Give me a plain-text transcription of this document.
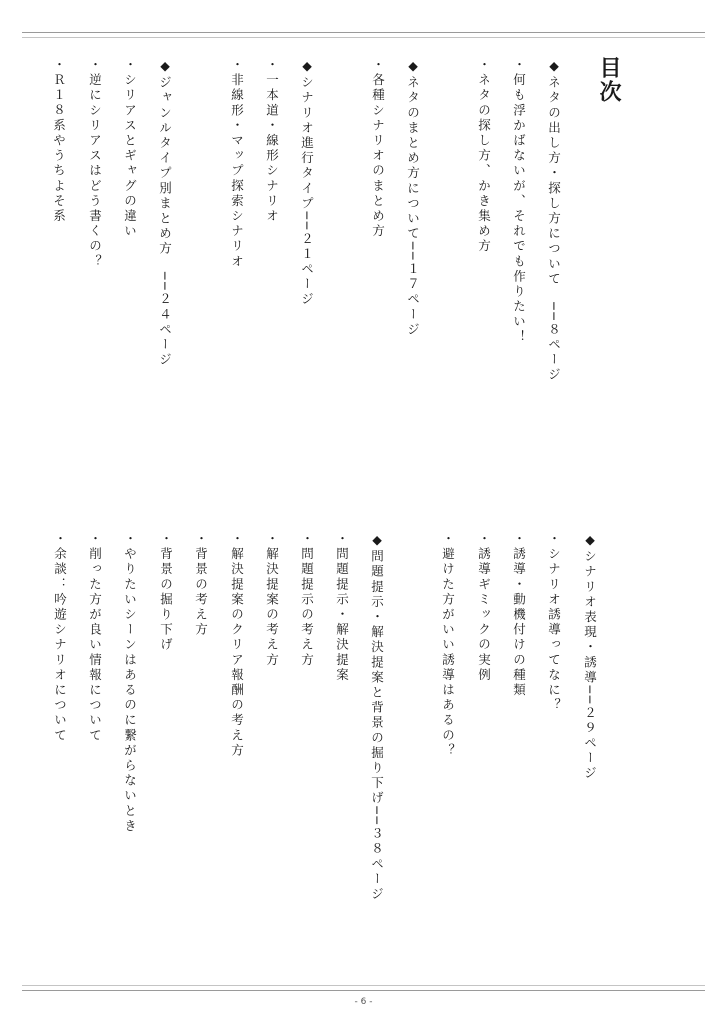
目次
◆ネタの出し方・探し方について　──８ページ
・何も浮かばないが、それでも作りたい！
・ネタの探し方、かき集め方
◆ネタのまとめ方について──１７ページ
・各種シナリオのまとめ方
◆シナリオ進行タイプ──２１ページ
・一本道・線形シナリオ
・非線形・マップ探索シナリオ
◆ジャンルタイプ別まとめ方　──２４ページ
・シリアスとギャグの違い
・逆にシリアスはどう書くの？
・Ｒ１８系やうちよそ系
◆シナリオ表現・誘導──２９ページ
・シナリオ誘導ってなに？
・誘導・動機付けの種類
・誘導ギミックの実例
・避けた方がいい誘導はあるの？
◆問題提示・解決提案と背景の掘り下げ──３８ページ
・問題提示・解決提案
・問題提示の考え方
・解決提案の考え方
・解決提案のクリア報酬の考え方
・背景の考え方
・背景の掘り下げ
・やりたいシーンはあるのに繋がらないとき
・削った方が良い情報について
・余談：吟遊シナリオについて
- 6 -
